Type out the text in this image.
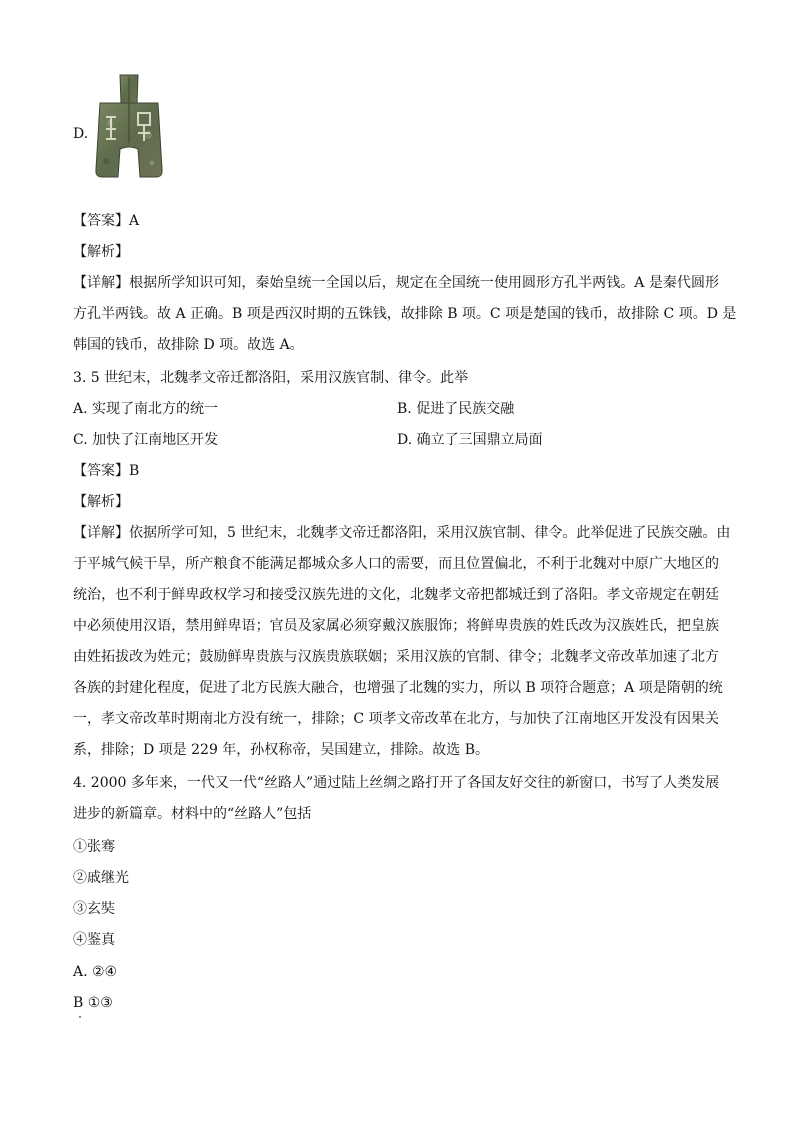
D.
【答案】A
【解析】
【详解】根据所学知识可知，秦始皇统一全国以后，规定在全国统一使用圆形方孔半两钱。A 是秦代圆形
方孔半两钱。故 A 正确。B 项是西汉时期的五铢钱，故排除 B 项。C 项是楚国的钱币，故排除 C 项。D 是
韩国的钱币，故排除 D 项。故选 A。
3. 5 世纪末，北魏孝文帝迁都洛阳，采用汉族官制、律令。此举
A. 实现了南北方的统一	B. 促进了民族交融
C. 加快了江南地区开发	D. 确立了三国鼎立局面
【答案】B
【解析】
【详解】依据所学可知，5 世纪末，北魏孝文帝迁都洛阳，采用汉族官制、律令。此举促进了民族交融。由
于平城气候干旱，所产粮食不能满足都城众多人口的需要，而且位置偏北，不利于北魏对中原广大地区的
统治，也不利于鲜卑政权学习和接受汉族先进的文化，北魏孝文帝把都城迁到了洛阳。孝文帝规定在朝廷
中必须使用汉语，禁用鲜卑语；官员及家属必须穿戴汉族服饰；将鲜卑贵族的姓氏改为汉族姓氏，把皇族
由姓拓拔改为姓元；鼓励鲜卑贵族与汉族贵族联姻；采用汉族的官制、律令；北魏孝文帝改革加速了北方
各族的封建化程度，促进了北方民族大融合，也增强了北魏的实力，所以 B 项符合题意；A 项是隋朝的统
一，孝文帝改革时期南北方没有统一，排除；C 项孝文帝改革在北方，与加快了江南地区开发没有因果关
系，排除；D 项是 229 年，孙权称帝，吴国建立，排除。故选 B。
4. 2000 多年来，一代又一代“丝路人”通过陆上丝绸之路打开了各国友好交往的新窗口，书写了人类发展
进步的新篇章。材料中的“丝路人”包括
①张骞
②戚继光
③玄奘
④鉴真
A. ②④
B ①③
